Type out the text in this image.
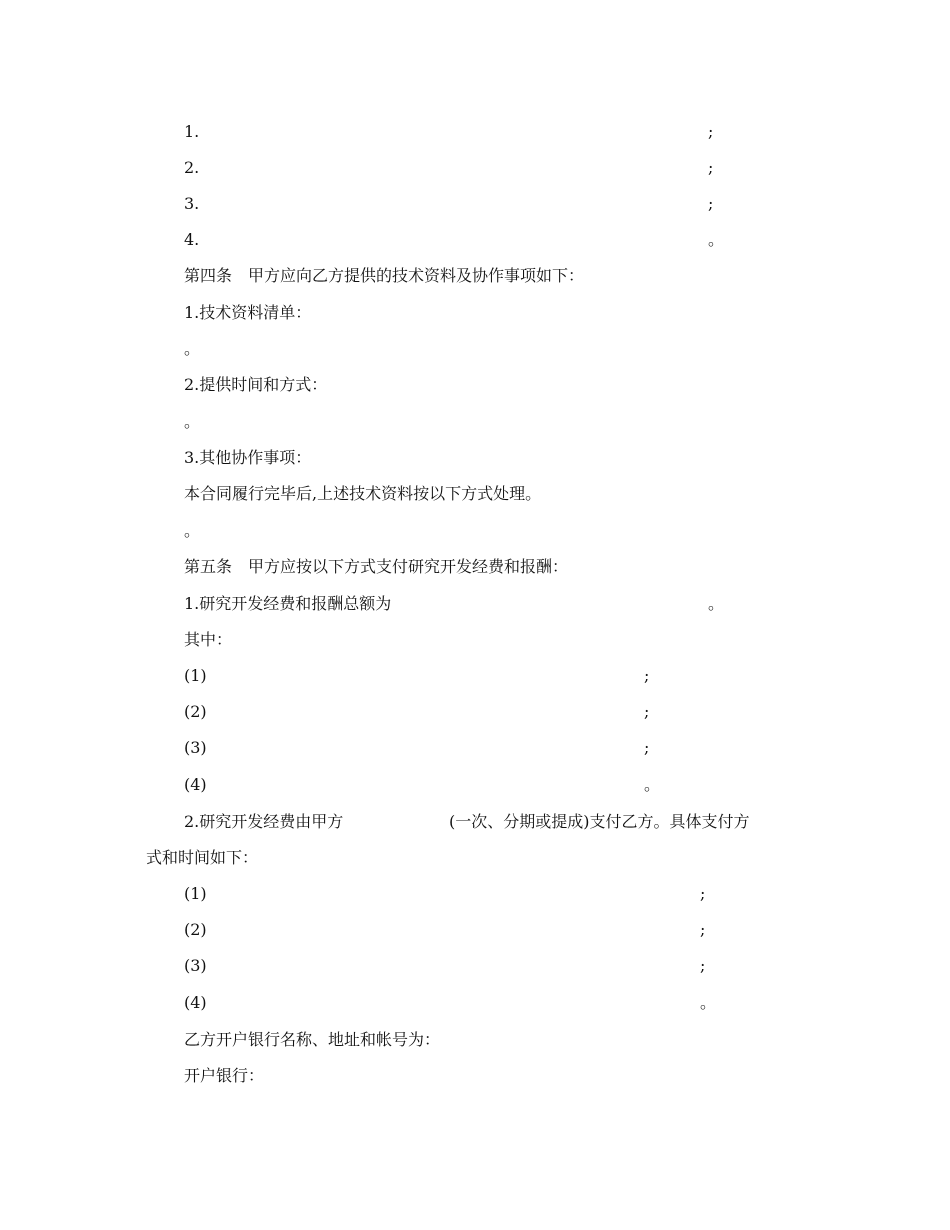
1.	;
2.	;
3.	;
4.	。
第四条　甲方应向乙方提供的技术资料及协作事项如下：
1.技术资料清单：
。
2.提供时间和方式：
。
3.其他协作事项：
本合同履行完毕后,上述技术资料按以下方式处理。
。
第五条　甲方应按以下方式支付研究开发经费和报酬：
1.研究开发经费和报酬总额为	。
其中：
(1)	;
(2)	;
(3)	;
(4)	。
2.研究开发经费由甲方	(一次、分期或提成)支付乙方。具体支付方
式和时间如下：
(1)	;
(2)	;
(3)	;
(4)	。
乙方开户银行名称、地址和帐号为：
开户银行：
